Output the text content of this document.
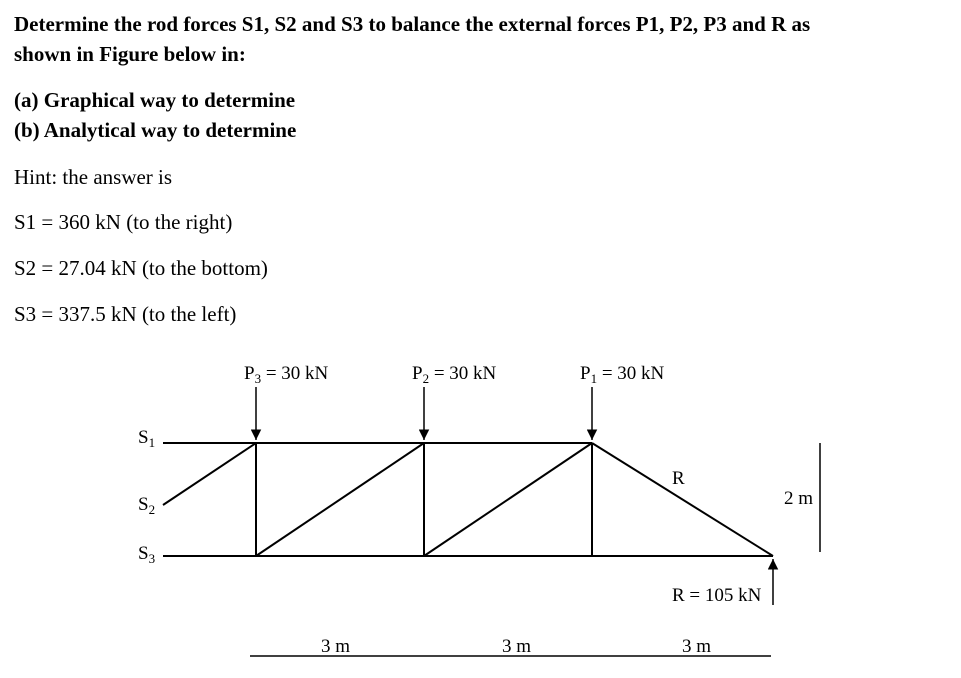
Determine the rod forces S1, S2 and S3 to balance the external forces P1, P2, P3 and R as
shown in Figure below in:
(a) Graphical way to determine
(b) Analytical way to determine
Hint: the answer is
S1 = 360 kN (to the right)
S2 = 27.04 kN (to the bottom)
S3 = 337.5 kN (to the left)
$P_3 = 30$ kN	$P_2 = 30$ kN	$P_1 = 30$ kN
$S_1$
$S_2$
$S_3$
R
R = 105 kN
2 m
3 m	3 m	3 m
